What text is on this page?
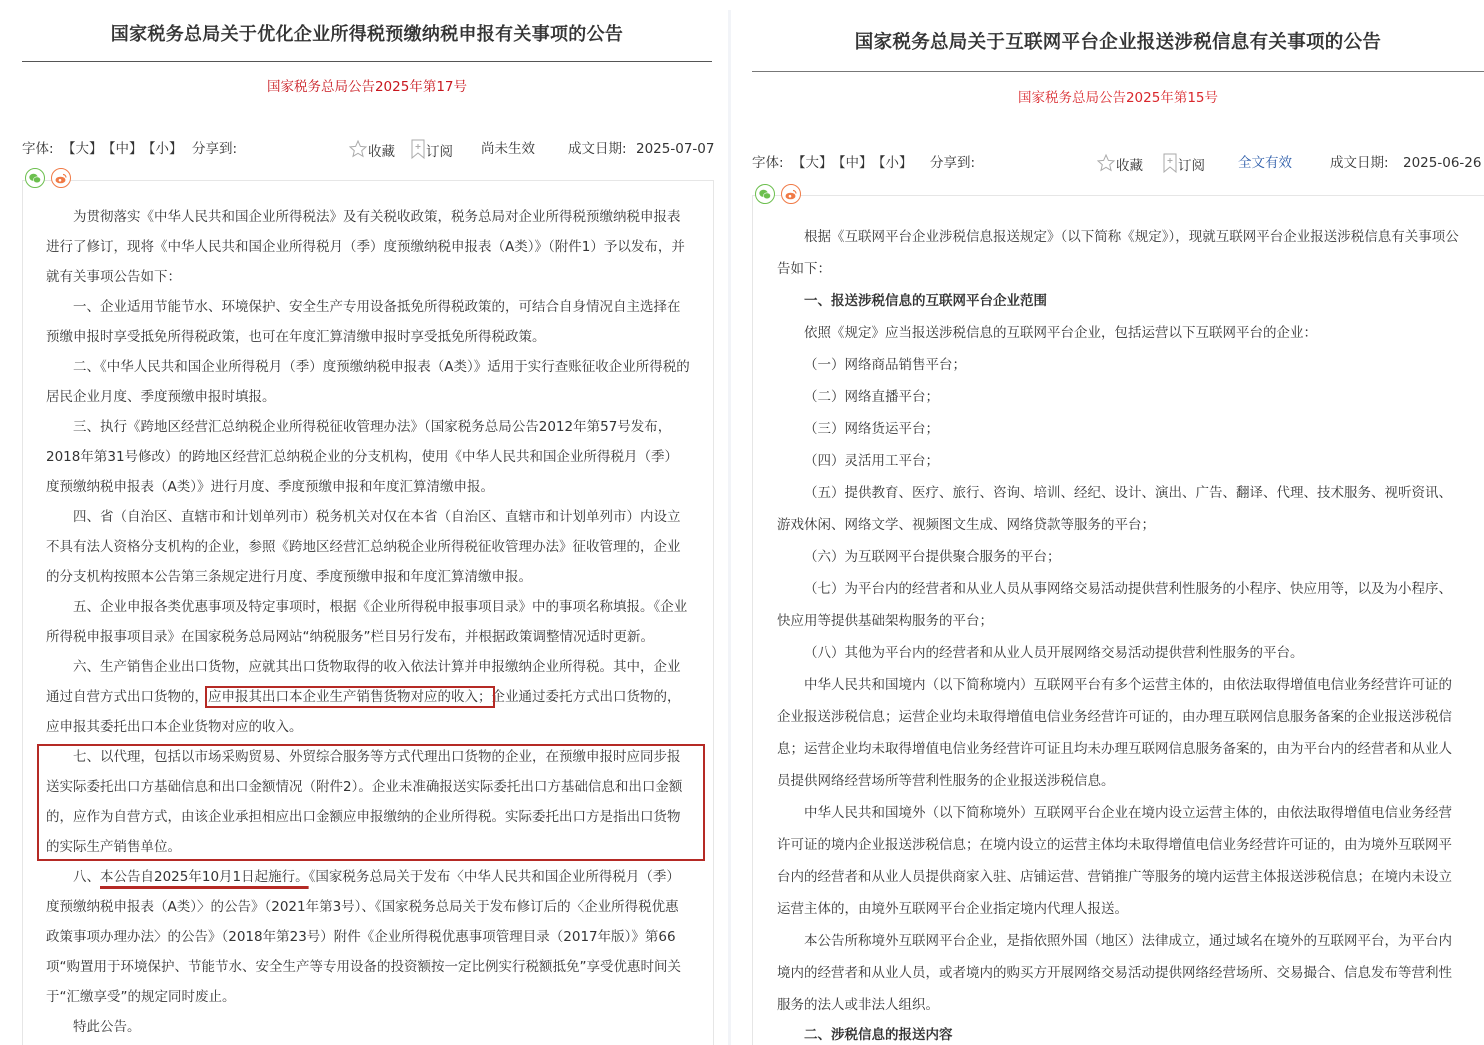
国家税务总局关于优化企业所得税预缴纳税申报有关事项的公告
国家税务总局公告2025年第17号
字体: 【大】 【中】 【小】 分享到:	收藏	订阅 尚未生效 成文日期: 2025-07-07
为贯彻落实《中华人民共和国企业所得税法》及有关税收政策，税务总局对企业所得税预缴纳税申报表进行了修订，现将《中华人民共和国企业所得税月（季）度预缴纳税申报表（A类）》（附件1）予以发布，并就有关事项公告如下：
一、企业适用节能节水、环境保护、安全生产专用设备抵免所得税政策的，可结合自身情况自主选择在预缴申报时享受抵免所得税政策，也可在年度汇算清缴申报时享受抵免所得税政策。
二、《中华人民共和国企业所得税月（季）度预缴纳税申报表（A类）》适用于实行查账征收企业所得税的居民企业月度、季度预缴申报时填报。
三、执行《跨地区经营汇总纳税企业所得税征收管理办法》（国家税务总局公告2012年第57号发布，2018年第31号修改）的跨地区经营汇总纳税企业的分支机构，使用《中华人民共和国企业所得税月（季）度预缴纳税申报表（A类）》进行月度、季度预缴申报和年度汇算清缴申报。
四、省（自治区、直辖市和计划单列市）税务机关对仅在本省（自治区、直辖市和计划单列市）内设立不具有法人资格分支机构的企业，参照《跨地区经营汇总纳税企业所得税征收管理办法》征收管理的，企业的分支机构按照本公告第三条规定进行月度、季度预缴申报和年度汇算清缴申报。
五、企业申报各类优惠事项及特定事项时，根据《企业所得税申报事项目录》中的事项名称填报。《企业所得税申报事项目录》在国家税务总局网站“纳税服务”栏目另行发布，并根据政策调整情况适时更新。
六、生产销售企业出口货物，应就其出口货物取得的收入依法计算并申报缴纳企业所得税。其中，企业通过自营方式出口货物的，应申报其出口本企业生产销售货物对应的收入；企业通过委托方式出口货物的，应申报其委托出口本企业货物对应的收入。
七、以代理，包括以市场采购贸易、外贸综合服务等方式代理出口货物的企业，在预缴申报时应同步报送实际委托出口方基础信息和出口金额情况（附件2）。企业未准确报送实际委托出口方基础信息和出口金额的，应作为自营方式，由该企业承担相应出口金额应申报缴纳的企业所得税。实际委托出口方是指出口货物的实际生产销售单位。
八、本公告自2025年10月1日起施行。《国家税务总局关于发布〈中华人民共和国企业所得税月（季）度预缴纳税申报表（A类）〉的公告》（2021年第3号）、《国家税务总局关于发布修订后的〈企业所得税优惠政策事项办理办法〉的公告》（2018年第23号）附件《企业所得税优惠事项管理目录（2017年版）》第66项“购置用于环境保护、节能节水、安全生产等专用设备的投资额按一定比例实行税额抵免”享受优惠时间关于“汇缴享受”的规定同时废止。
特此公告。
国家税务总局关于互联网平台企业报送涉税信息有关事项的公告
国家税务总局公告2025年第15号
字体: 【大】 【中】 【小】 分享到:	收藏	订阅 全文有效	成文日期: 2025-06-26
根据《互联网平台企业涉税信息报送规定》（以下简称《规定》），现就互联网平台企业报送涉税信息有关事项公告如下：
一、报送涉税信息的互联网平台企业范围
依照《规定》应当报送涉税信息的互联网平台企业，包括运营以下互联网平台的企业：
（一）网络商品销售平台；
（二）网络直播平台；
（三）网络货运平台；
（四）灵活用工平台；
（五）提供教育、医疗、旅行、咨询、培训、经纪、设计、演出、广告、翻译、代理、技术服务、视听资讯、游戏休闲、网络文学、视频图文生成、网络贷款等服务的平台；
（六）为互联网平台提供聚合服务的平台；
（七）为平台内的经营者和从业人员从事网络交易活动提供营利性服务的小程序、快应用等，以及为小程序、快应用等提供基础架构服务的平台；
（八）其他为平台内的经营者和从业人员开展网络交易活动提供营利性服务的平台。
中华人民共和国境内（以下简称境内）互联网平台有多个运营主体的，由依法取得增值电信业务经营许可证的企业报送涉税信息；运营企业均未取得增值电信业务经营许可证的，由办理互联网信息服务备案的企业报送涉税信息；运营企业均未取得增值电信业务经营许可证且均未办理互联网信息服务备案的，由为平台内的经营者和从业人员提供网络经营场所等营利性服务的企业报送涉税信息。
中华人民共和国境外（以下简称境外）互联网平台企业在境内设立运营主体的，由依法取得增值电信业务经营许可证的境内企业报送涉税信息；在境内设立的运营主体均未取得增值电信业务经营许可证的，由为境外互联网平台内的经营者和从业人员提供商家入驻、店铺运营、营销推广等服务的境内运营主体报送涉税信息；在境内未设立运营主体的，由境外互联网平台企业指定境内代理人报送。
本公告所称境外互联网平台企业，是指依照外国（地区）法律成立，通过域名在境外的互联网平台，为平台内境内的经营者和从业人员，或者境内的购买方开展网络交易活动提供网络经营场所、交易撮合、信息发布等营利性服务的法人或非法人组织。
二、涉税信息的报送内容
